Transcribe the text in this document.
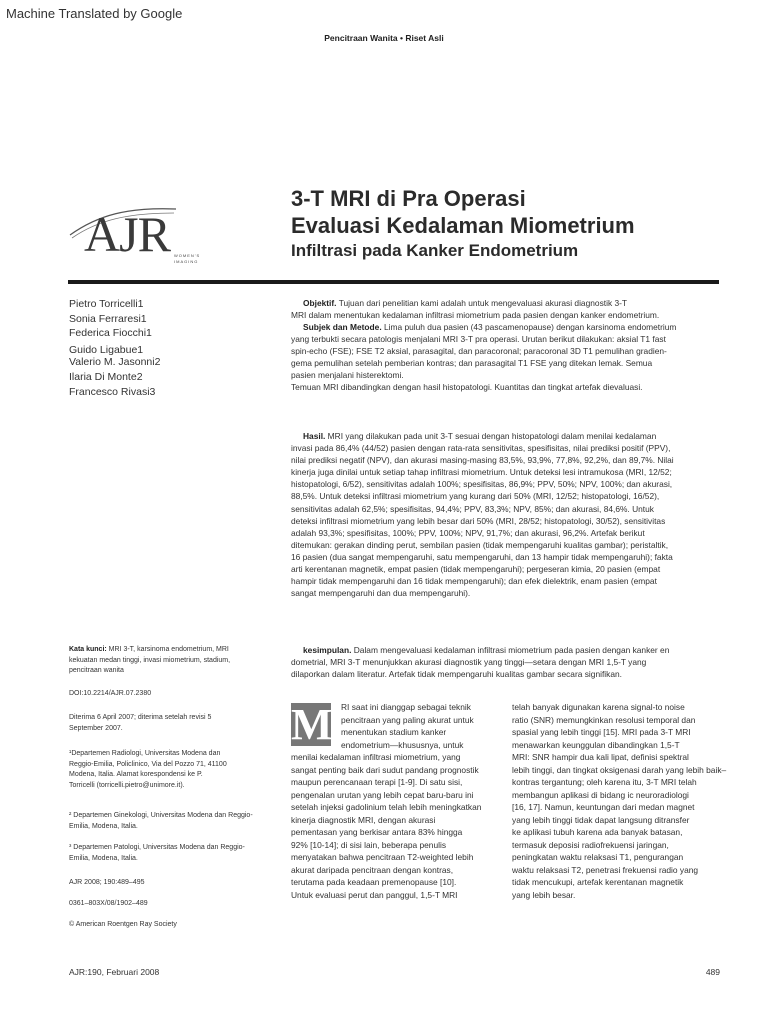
Machine Translated by Google
Pencitraan Wanita • Riset Asli
AJR WOMEN'S IMAGING
3-T MRI di Pra Operasi
Evaluasi Kedalaman Miometrium
Infiltrasi pada Kanker Endometrium
Pietro Torricelli1
Sonia Ferraresi1
Federica Fiocchi1
Guido Ligabue1
Valerio M. Jasonni2
Ilaria Di Monte2
Francesco Rivasi3
Objektif. Tujuan dari penelitian kami adalah untuk mengevaluasi akurasi diagnostik 3-T
MRI dalam menentukan kedalaman infiltrasi miometrium pada pasien dengan kanker endometrium.
Subjek dan Metode. Lima puluh dua pasien (43 pascamenopause) dengan karsinoma endometrium
yang terbukti secara patologis menjalani MRI 3-T pra operasi. Urutan berikut dilakukan: aksial T1 fast
spin-echo (FSE); FSE T2 aksial, parasagital, dan paracoronal; paracoronal 3D T1 pemulihan gradien-
gema pemulihan setelah pemberian kontras; dan parasagital T1 FSE yang ditekan lemak. Semua
pasien menjalani histerektomi.
Temuan MRI dibandingkan dengan hasil histopatologi. Kuantitas dan tingkat artefak dievaluasi.
Hasil. MRI yang dilakukan pada unit 3-T sesuai dengan histopatologi dalam menilai kedalaman
invasi pada 86,4% (44/52) pasien dengan rata-rata sensitivitas, spesifisitas, nilai prediksi positif (PPV),
nilai prediksi negatif (NPV), dan akurasi masing-masing 83,5%, 93,9%, 77,8%, 92,2%, dan 89,7%. Nilai
kinerja juga dinilai untuk setiap tahap infiltrasi miometrium. Untuk deteksi lesi intramukosa (MRI, 12/52;
histopatologi, 6/52), sensitivitas adalah 100%; spesifisitas, 86,9%; PPV, 50%; NPV, 100%; dan akurasi,
88,5%. Untuk deteksi infiltrasi miometrium yang kurang dari 50% (MRI, 12/52; histopatologi, 16/52),
sensitivitas adalah 62,5%; spesifisitas, 94,4%; PPV, 83,3%; NPV, 85%; dan akurasi, 84,6%. Untuk
deteksi infiltrasi miometrium yang lebih besar dari 50% (MRI, 28/52; histopatologi, 30/52), sensitivitas
adalah 93,3%; spesifisitas, 100%; PPV, 100%; NPV, 91,7%; dan akurasi, 96,2%. Artefak berikut
ditemukan: gerakan dinding perut, sembilan pasien (tidak mempengaruhi kualitas gambar); peristaltik,
16 pasien (dua sangat mempengaruhi, satu mempengaruhi, dan 13 hampir tidak mempengaruhi); fakta
arti kerentanan magnetik, empat pasien (tidak mempengaruhi); pergeseran kimia, 20 pasien (empat
hampir tidak mempengaruhi dan 16 tidak mempengaruhi); dan efek dielektrik, enam pasien (empat
sangat mempengaruhi dan dua mempengaruhi).
kesimpulan. Dalam mengevaluasi kedalaman infiltrasi miometrium pada pasien dengan kanker en
dometrial, MRI 3-T menunjukkan akurasi diagnostik yang tinggi—setara dengan MRI 1,5-T yang
dilaporkan dalam literatur. Artefak tidak mempengaruhi kualitas gambar secara signifikan.
Kata kunci: MRI 3-T, karsinoma endometrium, MRI
kekuatan medan tinggi, invasi miometrium, stadium,
pencitraan wanita
DOI:10.2214/AJR.07.2380
Diterima 6 April 2007; diterima setelah revisi 5
September 2007.
¹Departemen Radiologi, Universitas Modena dan
Reggio-Emilia, Policlinico, Via del Pozzo 71, 41100
Modena, Italia. Alamat korespondensi ke P.
Torricelli (torricelli.pietro@unimore.it).
² Departemen Ginekologi, Universitas Modena dan Reggio-
Emilia, Modena, Italia.
³ Departemen Patologi, Universitas Modena dan Reggio-
Emilia, Modena, Italia.
AJR 2008; 190:489–495
0361–803X/08/1902–489
© American Roentgen Ray Society
M	RI saat ini dianggap sebagai teknik
pencitraan yang paling akurat untuk
menentukan stadium kanker
endometrium—khususnya, untuk
menilai kedalaman infiltrasi miometrium, yang
sangat penting baik dari sudut pandang prognostik
maupun perencanaan terapi [1-9]. Di satu sisi,
pengenalan urutan yang lebih cepat baru-baru ini
setelah injeksi gadolinium telah lebih meningkatkan
kinerja diagnostik MRI, dengan akurasi
pementasan yang berkisar antara 83% hingga
92% [10-14]; di sisi lain, beberapa penulis
menyatakan bahwa pencitraan T2-weighted lebih
akurat daripada pencitraan dengan kontras,
terutama pada keadaan premenopause [10].
Untuk evaluasi perut dan panggul, 1,5-T MRI
telah banyak digunakan karena signal-to noise
ratio (SNR) memungkinkan resolusi temporal dan
spasial yang lebih tinggi [15]. MRI pada 3-T MRI
menawarkan keunggulan dibandingkan 1,5-T
MRI: SNR hampir dua kali lipat, definisi spektral
lebih tinggi, dan tingkat oksigenasi darah yang lebih baik–
kontras tergantung; oleh karena itu, 3-T MRI telah
membangun aplikasi di bidang ic neuroradiologi
[16, 17]. Namun, keuntungan dari medan magnet
yang lebih tinggi tidak dapat langsung ditransfer
ke aplikasi tubuh karena ada banyak batasan,
termasuk deposisi radiofrekuensi jaringan,
peningkatan waktu relaksasi T1, pengurangan
waktu relaksasi T2, penetrasi frekuensi radio yang
tidak mencukupi, artefak kerentanan magnetik
yang lebih besar.
AJR:190, Februari 2008	489
